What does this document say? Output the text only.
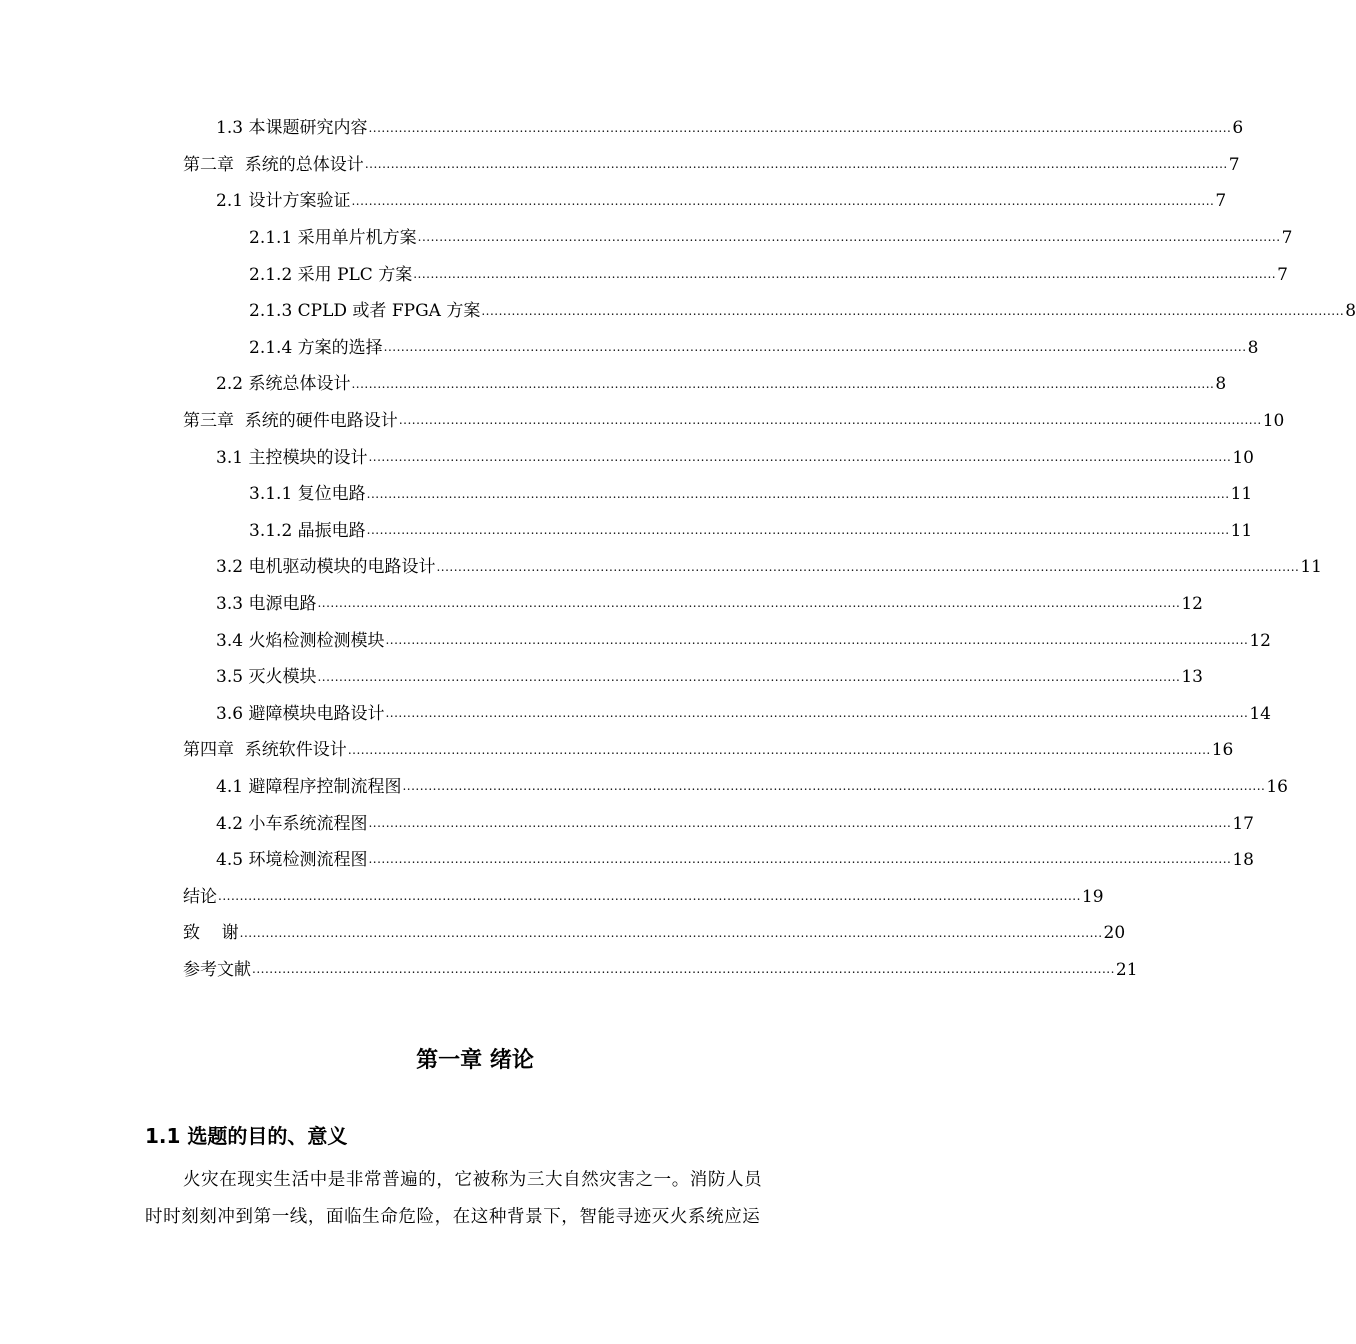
1.3 本课题研究内容 ........................................................................................................................................................................................................ 6
第二章  系统的总体设计 ........................................................................................................................................................................................................ 7
2.1 设计方案验证 ........................................................................................................................................................................................................ 7
2.1.1 采用单片机方案 ........................................................................................................................................................................................................ 7
2.1.2 采用 PLC 方案 ........................................................................................................................................................................................................ 7
2.1.3 CPLD 或者 FPGA 方案 ........................................................................................................................................................................................................ 8
2.1.4 方案的选择 ........................................................................................................................................................................................................ 8
2.2 系统总体设计 ........................................................................................................................................................................................................ 8
第三章  系统的硬件电路设计 ........................................................................................................................................................................................................ 10
3.1 主控模块的设计 ........................................................................................................................................................................................................ 10
3.1.1 复位电路 ........................................................................................................................................................................................................ 11
3.1.2 晶振电路 ........................................................................................................................................................................................................ 11
3.2 电机驱动模块的电路设计 ........................................................................................................................................................................................................ 11
3.3 电源电路 ........................................................................................................................................................................................................ 12
3.4 火焰检测检测模块 ........................................................................................................................................................................................................ 12
3.5 灭火模块 ........................................................................................................................................................................................................ 13
3.6 避障模块电路设计 ........................................................................................................................................................................................................ 14
第四章  系统软件设计 ........................................................................................................................................................................................................ 16
4.1 避障程序控制流程图 ........................................................................................................................................................................................................ 16
4.2 小车系统流程图 ........................................................................................................................................................................................................ 17
4.5 环境检测流程图 ........................................................................................................................................................................................................ 18
结论 ........................................................................................................................................................................................................ 19
致    谢 ........................................................................................................................................................................................................ 20
参考文献 ........................................................................................................................................................................................................ 21
第一章 绪论
1.1 选题的目的、意义
火灾在现实生活中是非常普遍的，它被称为三大自然灾害之一。消防人员
时时刻刻冲到第一线，面临生命危险，在这种背景下，智能寻迹灭火系统应运
